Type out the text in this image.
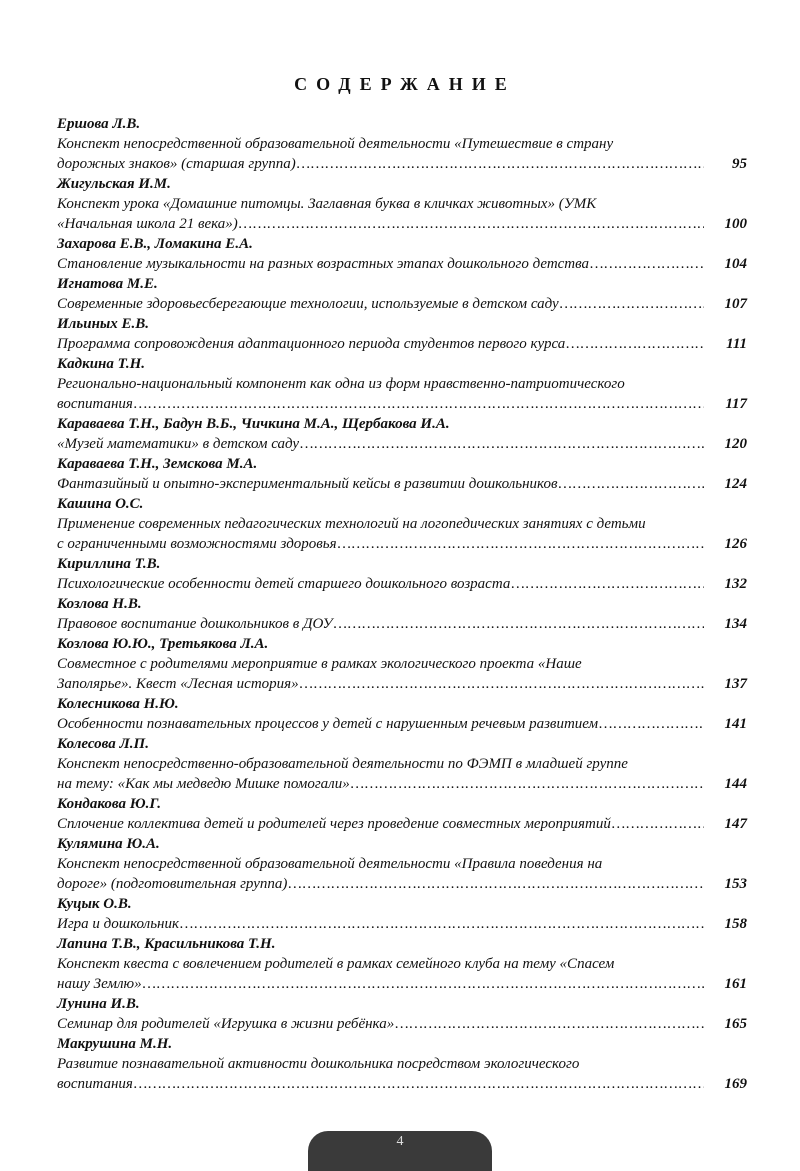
СОДЕРЖАНИЕ
Ершова Л.В.
Конспект непосредственной образовательной деятельности «Путешествие в страну
дорожных знаков» (старшая группа) ……………………………………………………………………………………………………………………………………………………………………………………	95
Жигульская И.М.
Конспект урока «Домашние питомцы. Заглавная буква в кличках животных» (УМК
«Начальная школа 21 века») ……………………………………………………………………………………………………………………………………………………………………………………	100
Захарова Е.В., Ломакина Е.А.
Становление музыкальности на разных возрастных этапах дошкольного детства ……………………………………………………………………………………………………………………………………………………………………………………	104
Игнатова М.Е.
Современные здоровьесберегающие технологии, используемые в детском саду ……………………………………………………………………………………………………………………………………………………………………………………	107
Ильиных Е.В.
Программа сопровождения адаптационного периода студентов первого курса ……………………………………………………………………………………………………………………………………………………………………………………	111
Кадкина Т.Н.
Регионально-национальный компонент как одна из форм нравственно-патриотического
воспитания ……………………………………………………………………………………………………………………………………………………………………………………	117
Караваева Т.Н., Бадун В.Б., Чичкина М.А., Щербакова И.А.
«Музей математики» в детском саду ……………………………………………………………………………………………………………………………………………………………………………………	120
Караваева Т.Н., Земскова М.А.
Фантазийный и опытно-экспериментальный кейсы в развитии дошкольников ……………………………………………………………………………………………………………………………………………………………………………………	124
Кашина О.С.
Применение современных педагогических технологий на логопедических занятиях с детьми
с ограниченными возможностями здоровья ……………………………………………………………………………………………………………………………………………………………………………………	126
Кириллина Т.В.
Психологические особенности детей старшего дошкольного возраста ……………………………………………………………………………………………………………………………………………………………………………………	132
Козлова Н.В.
Правовое воспитание дошкольников в ДОУ ……………………………………………………………………………………………………………………………………………………………………………………	134
Козлова Ю.Ю., Третьякова Л.А.
Совместное с родителями мероприятие в рамках экологического проекта «Наше
Заполярье». Квест «Лесная история» ……………………………………………………………………………………………………………………………………………………………………………………	137
Колесникова Н.Ю.
Особенности познавательных процессов у детей с нарушенным речевым развитием ……………………………………………………………………………………………………………………………………………………………………………………	141
Колесова Л.П.
Конспект непосредственно-образовательной деятельности по ФЭМП в младшей группе
на тему: «Как мы медведю Мишке помогали» ……………………………………………………………………………………………………………………………………………………………………………………	144
Кондакова Ю.Г.
Сплочение коллектива детей и родителей через проведение совместных мероприятий ……………………………………………………………………………………………………………………………………………………………………………………	147
Кулямина Ю.А.
Конспект непосредственной образовательной деятельности «Правила поведения на
дороге» (подготовительная группа) ……………………………………………………………………………………………………………………………………………………………………………………	153
Куцык О.В.
Игра и дошкольник ……………………………………………………………………………………………………………………………………………………………………………………	158
Лапина Т.В., Красильникова Т.Н.
Конспект квеста с вовлечением родителей в рамках семейного клуба на тему «Спасем
нашу Землю» ……………………………………………………………………………………………………………………………………………………………………………………	161
Лунина И.В.
Семинар для родителей «Игрушка в жизни ребёнка» ……………………………………………………………………………………………………………………………………………………………………………………	165
Макрушина М.Н.
Развитие познавательной активности дошкольника посредством экологического
воспитания ……………………………………………………………………………………………………………………………………………………………………………………	169
4
